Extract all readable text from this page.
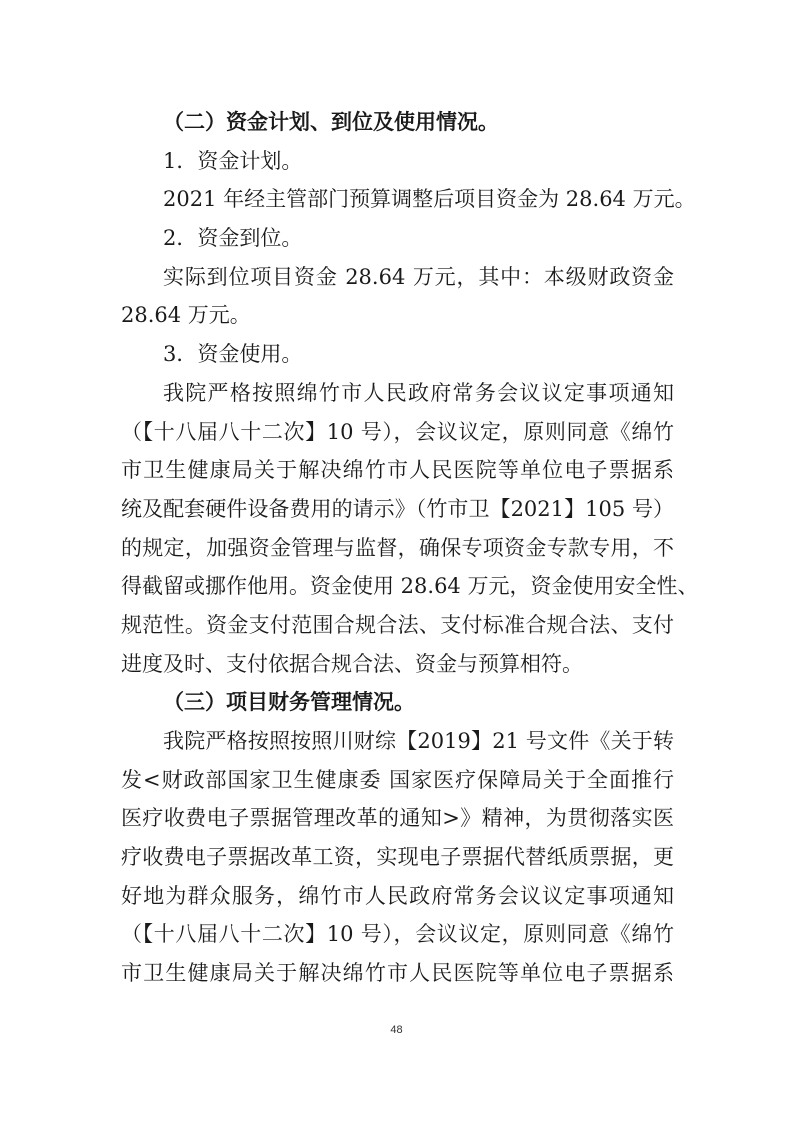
（二）资金计划、到位及使用情况。
1．资金计划。
2021 年经主管部门预算调整后项目资金为 28.64 万元。
2．资金到位。
实际到位项目资金 28.64 万元，其中：本级财政资金
28.64 万元。
3．资金使用。
我院严格按照绵竹市人民政府常务会议议定事项通知
（【十八届八十二次】10 号），会议议定，原则同意《绵竹
市卫生健康局关于解决绵竹市人民医院等单位电子票据系
统及配套硬件设备费用的请示》（竹市卫【2021】105 号）
的规定，加强资金管理与监督，确保专项资金专款专用，不
得截留或挪作他用。资金使用 28.64 万元，资金使用安全性、
规范性。资金支付范围合规合法、支付标准合规合法、支付
进度及时、支付依据合规合法、资金与预算相符。
（三）项目财务管理情况。
我院严格按照按照川财综【2019】21 号文件《关于转
发<财政部国家卫生健康委 国家医疗保障局关于全面推行
医疗收费电子票据管理改革的通知>》精神，为贯彻落实医
疗收费电子票据改革工资，实现电子票据代替纸质票据，更
好地为群众服务，绵竹市人民政府常务会议议定事项通知
（【十八届八十二次】10 号），会议议定，原则同意《绵竹
市卫生健康局关于解决绵竹市人民医院等单位电子票据系
48
